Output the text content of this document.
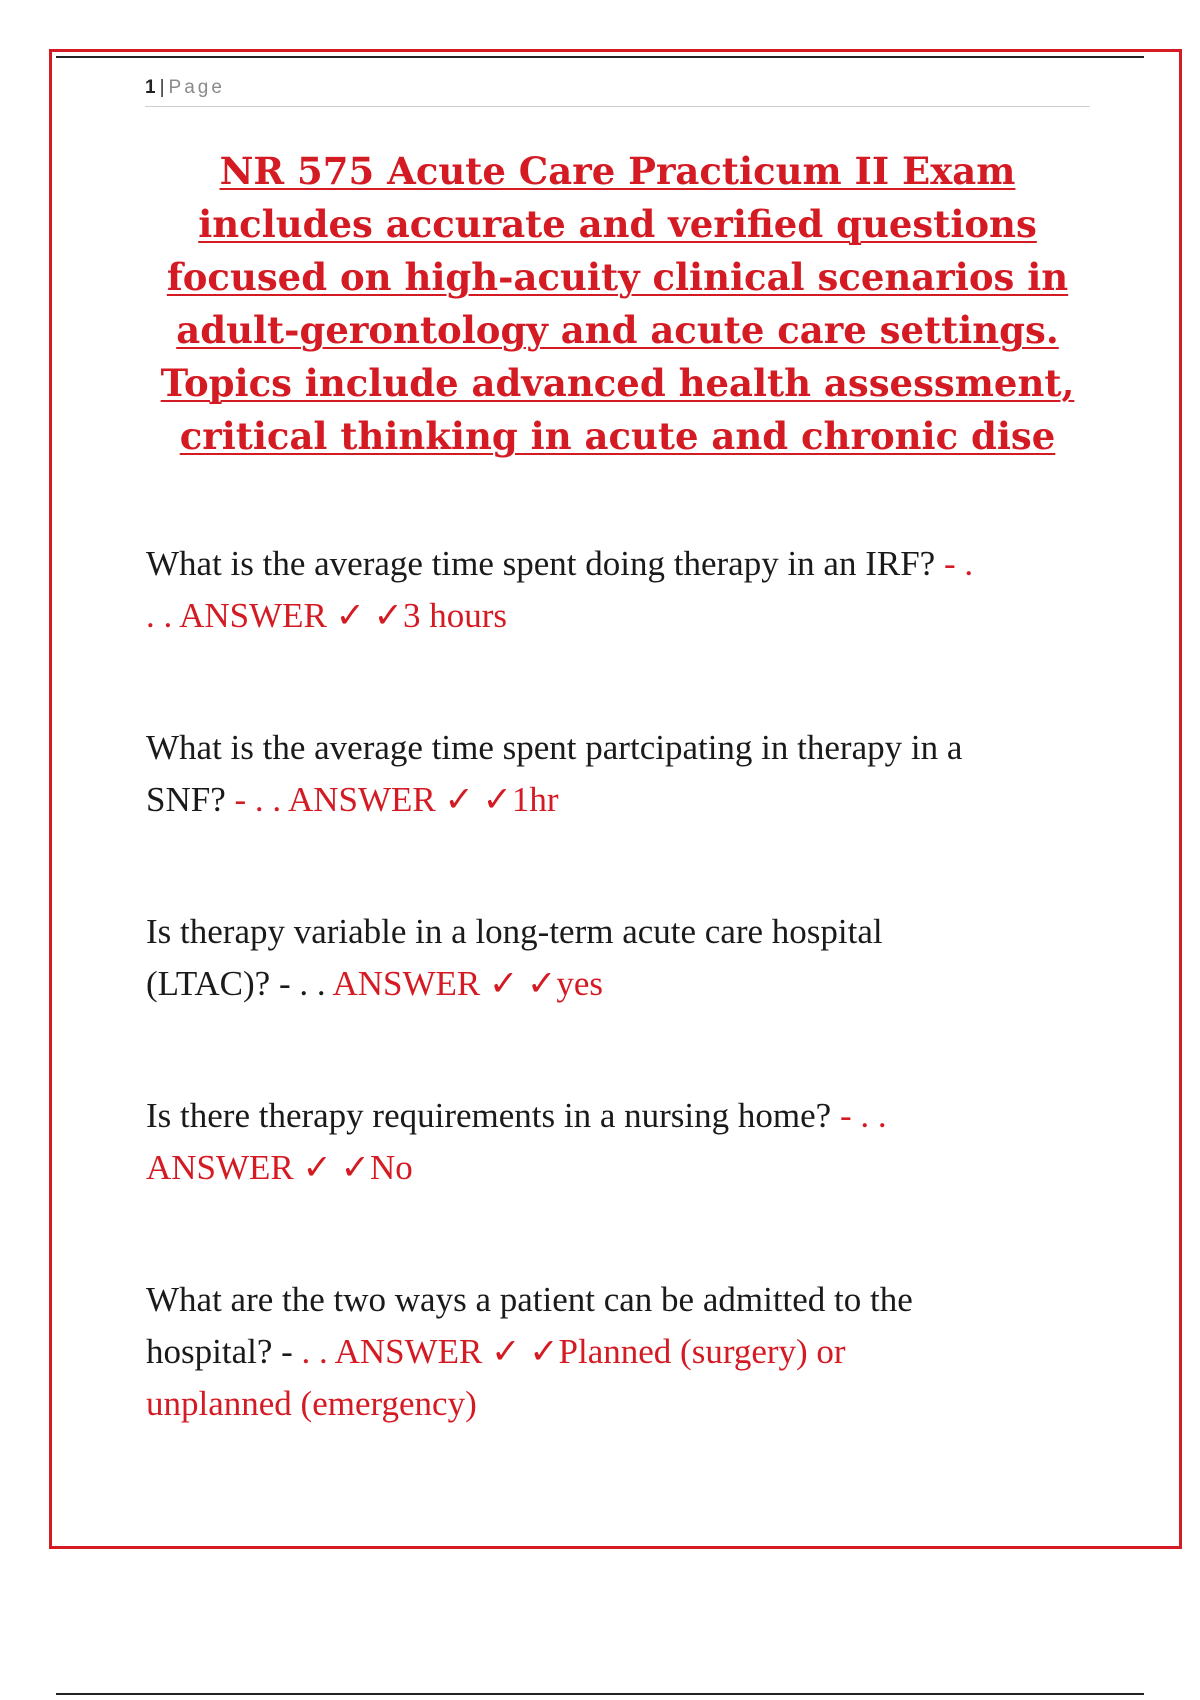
1 | Page
NR 575 Acute Care Practicum II Exam
includes accurate and verified questions
focused on high-acuity clinical scenarios in
adult-gerontology and acute care settings.
Topics include advanced health assessment,
critical thinking in acute and chronic dise
What is the average time spent doing therapy in an IRF? - .
. . ANSWER ✓ ✓3 hours
What is the average time spent partcipating in therapy in a
SNF? - . . ANSWER ✓ ✓1hr
Is therapy variable in a long-term acute care hospital
(LTAC)? - . . ANSWER ✓ ✓yes
Is there therapy requirements in a nursing home? - . .
ANSWER ✓ ✓No
What are the two ways a patient can be admitted to the
hospital? - . . ANSWER ✓ ✓Planned (surgery) or
unplanned (emergency)
